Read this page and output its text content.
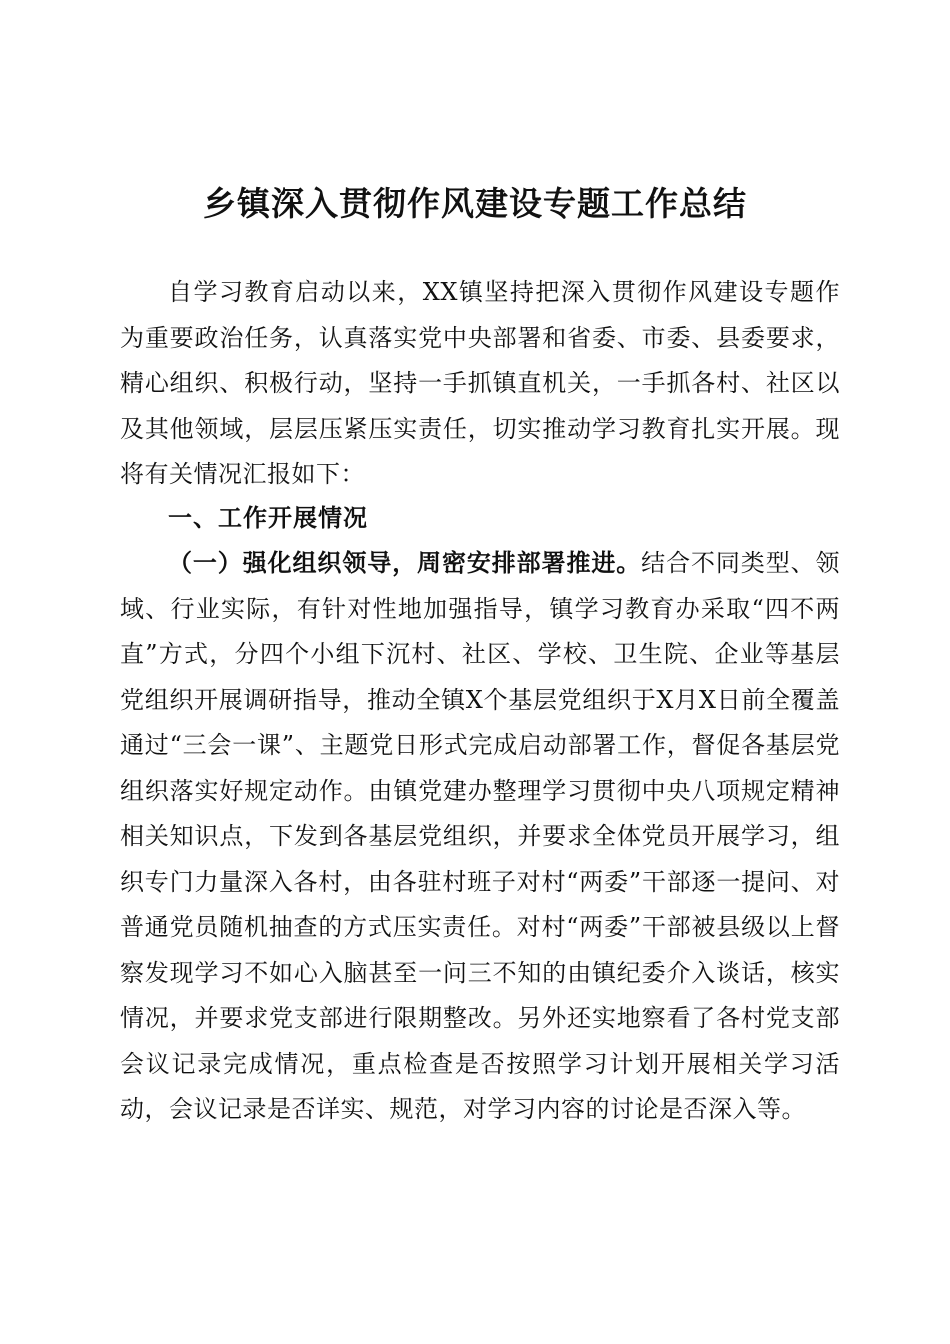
乡镇深入贯彻作风建设专题工作总结

自学习教育启动以来，XX镇坚持把深入贯彻作风建设专题作为重要政治任务，认真落实党中央部署和省委、市委、县委要求，精心组织、积极行动，坚持一手抓镇直机关，一手抓各村、社区以及其他领域，层层压紧压实责任，切实推动学习教育扎实开展。现将有关情况汇报如下：

一、工作开展情况

（一）强化组织领导，周密安排部署推进。结合不同类型、领域、行业实际，有针对性地加强指导，镇学习教育办采取“四不两直”方式，分四个小组下沉村、社区、学校、卫生院、企业等基层党组织开展调研指导，推动全镇X个基层党组织于X月X日前全覆盖通过“三会一课”、主题党日形式完成启动部署工作，督促各基层党组织落实好规定动作。由镇党建办整理学习贯彻中央八项规定精神相关知识点，下发到各基层党组织，并要求全体党员开展学习，组织专门力量深入各村，由各驻村班子对村“两委”干部逐一提问、对普通党员随机抽查的方式压实责任。对村“两委”干部被县级以上督察发现学习不如心入脑甚至一问三不知的由镇纪委介入谈话，核实情况，并要求党支部进行限期整改。另外还实地察看了各村党支部会议记录完成情况，重点检查是否按照学习计划开展相关学习活动，会议记录是否详实、规范，对学习内容的讨论是否深入等。
